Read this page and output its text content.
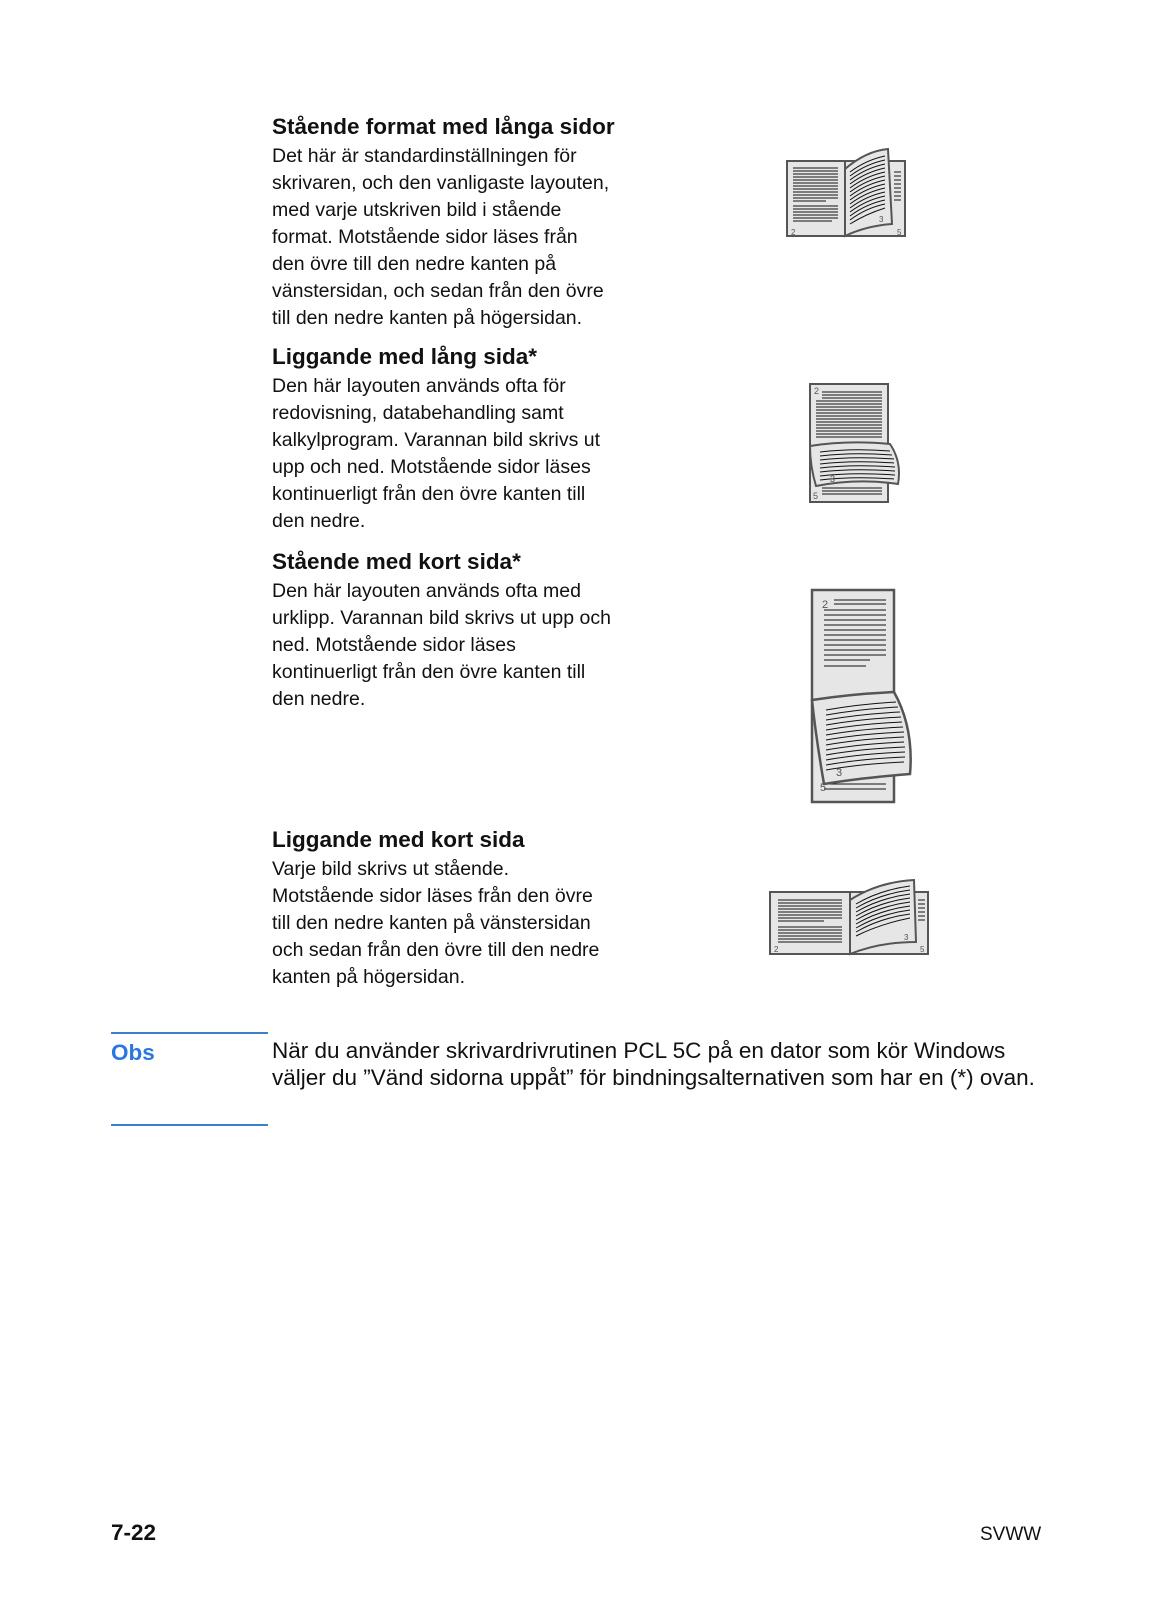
Stående format med långa sidor

Det här är standardinställningen för
skrivaren, och den vanligaste layouten,
med varje utskriven bild i stående
format. Motstående sidor läses från
den övre till den nedre kanten på
vänstersidan, och sedan från den övre
till den nedre kanten på högersidan.

2
3
5
Liggande med lång sida*

Den här layouten används ofta för
redovisning, databehandling samt
kalkylprogram. Varannan bild skrivs ut
upp och ned. Motstående sidor läses
kontinuerligt från den övre kanten till
den nedre.

2
3
5
Stående med kort sida*

Den här layouten används ofta med
urklipp. Varannan bild skrivs ut upp och
ned. Motstående sidor läses
kontinuerligt från den övre kanten till
den nedre.

2
3
5
Liggande med kort sida

Varje bild skrivs ut stående.
Motstående sidor läses från den övre
till den nedre kanten på vänstersidan
och sedan från den övre till den nedre
kanten på högersidan.

2
3
5

Obs	När du använder skrivardrivrutinen PCL 5C på en dator som kör Windows väljer du ”Vänd sidorna uppåt” för bindningsalternativen som har en (*) ovan.

7-22	SVWW
